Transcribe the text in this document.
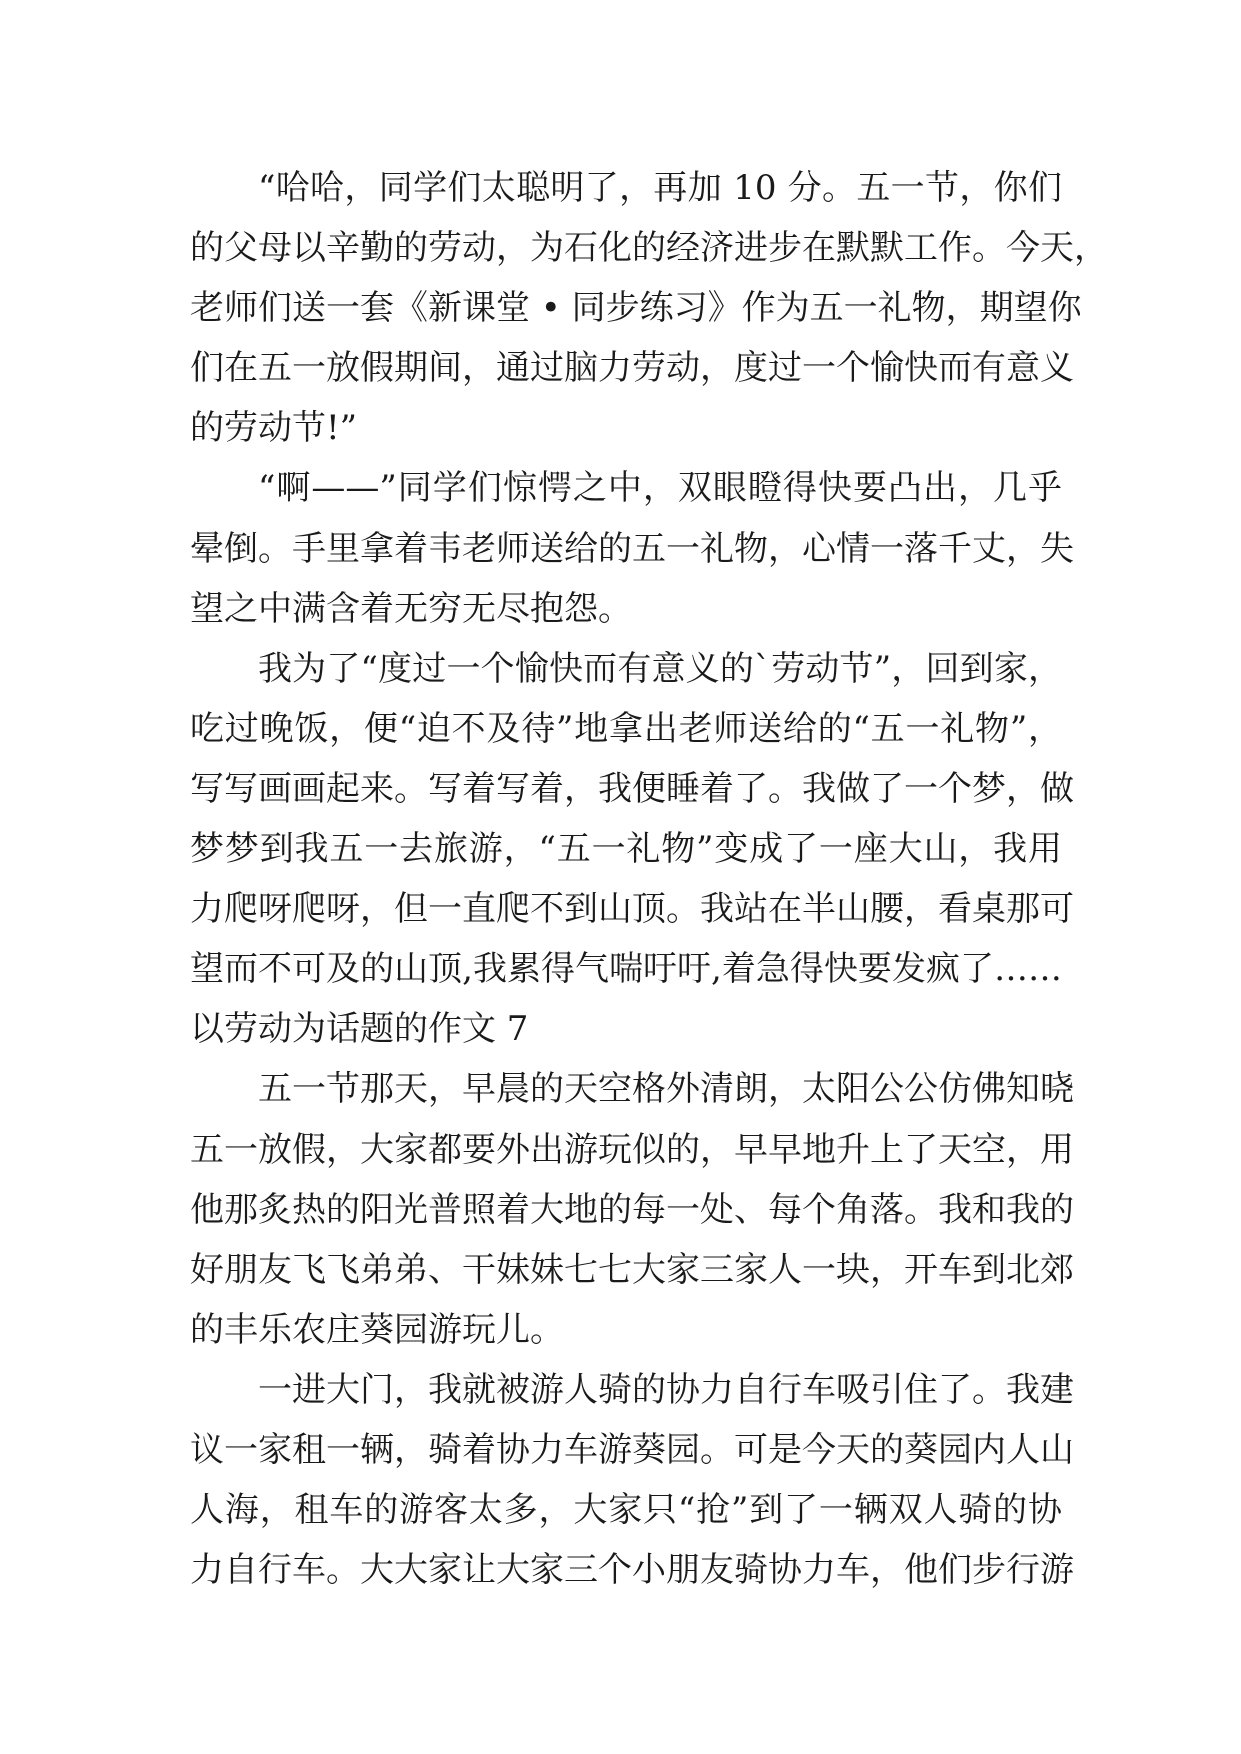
“哈哈，同学们太聪明了，再加 10 分。五一节，你们
的父母以辛勤的劳动，为石化的经济进步在默默工作。今天，
老师们送一套《新课堂 • 同步练习》作为五一礼物，期望你
们在五一放假期间，通过脑力劳动，度过一个愉快而有意义
的劳动节!”
“啊——”同学们惊愕之中，双眼瞪得快要凸出，几乎
晕倒。手里拿着韦老师送给的五一礼物，心情一落千丈，失
望之中满含着无穷无尽抱怨。
我为了“度过一个愉快而有意义的`劳动节”，回到家，
吃过晚饭，便“迫不及待”地拿出老师送给的“五一礼物”，
写写画画起来。写着写着，我便睡着了。我做了一个梦，做
梦梦到我五一去旅游，“五一礼物”变成了一座大山，我用
力爬呀爬呀，但一直爬不到山顶。我站在半山腰，看桌那可
望而不可及的山顶,我累得气喘吁吁,着急得快要发疯了……
以劳动为话题的作文 7
五一节那天，早晨的天空格外清朗，太阳公公仿佛知晓
五一放假，大家都要外出游玩似的，早早地升上了天空，用
他那炙热的阳光普照着大地的每一处、每个角落。我和我的
好朋友飞飞弟弟、干妹妹七七大家三家人一块，开车到北郊
的丰乐农庄葵园游玩儿。
一进大门，我就被游人骑的协力自行车吸引住了。我建
议一家租一辆，骑着协力车游葵园。可是今天的葵园内人山
人海，租车的游客太多，大家只“抢”到了一辆双人骑的协
力自行车。大大家让大家三个小朋友骑协力车，他们步行游
